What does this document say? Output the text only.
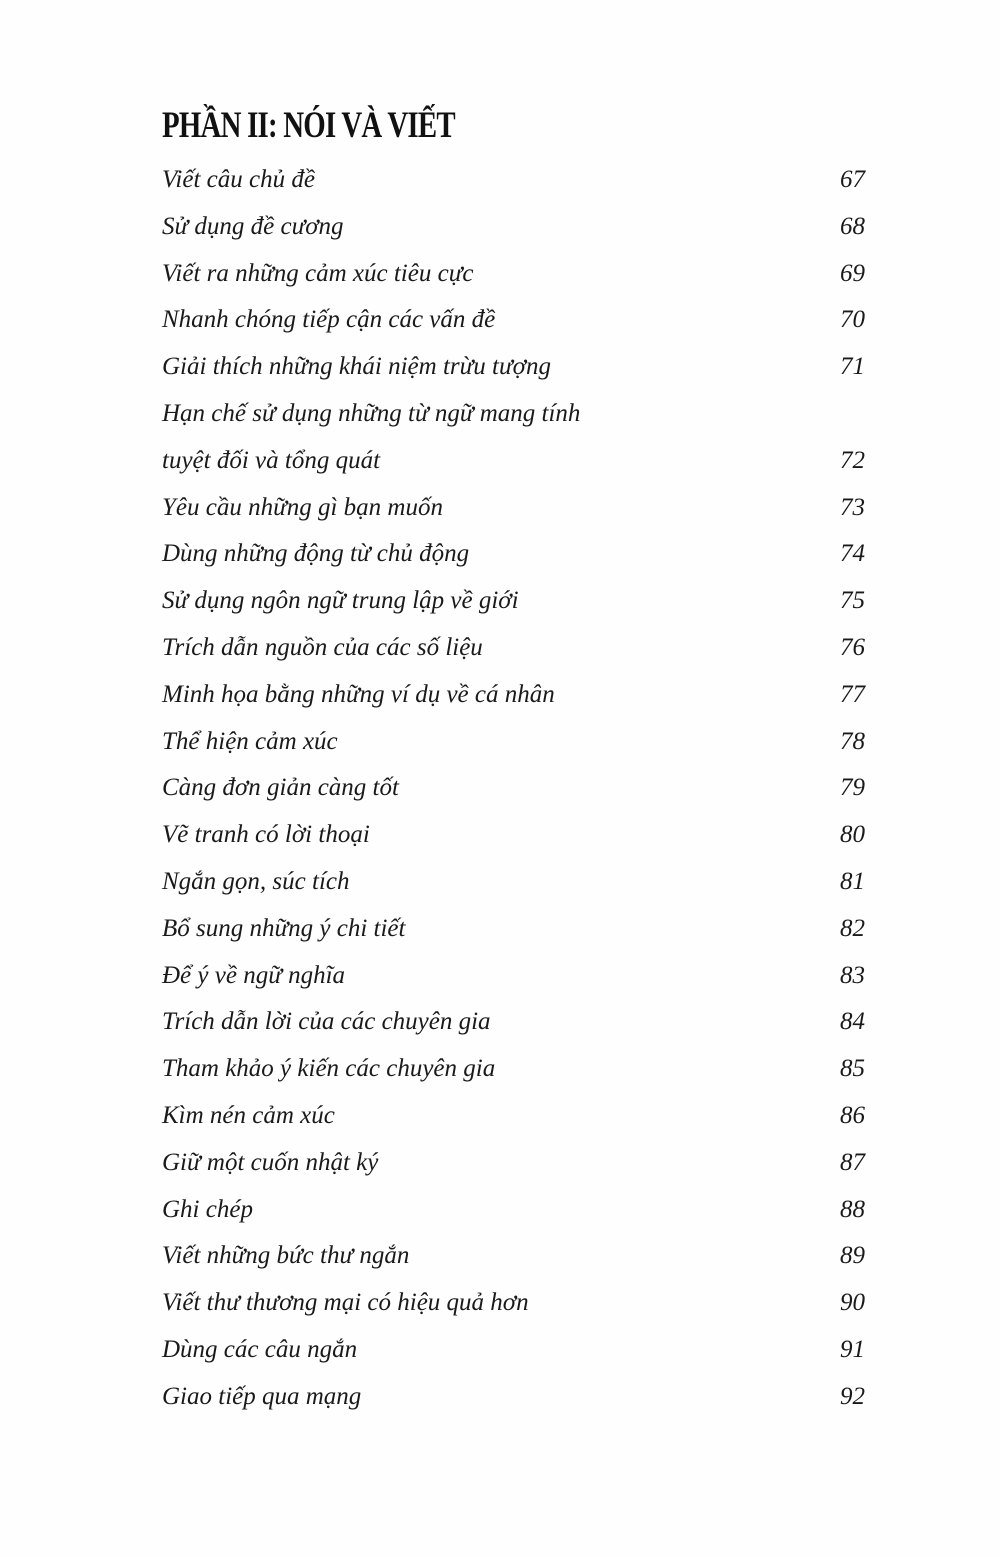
PHẦN II: NÓI VÀ VIẾT
Viết câu chủ đề	67
Sử dụng đề cương	68
Viết ra những cảm xúc tiêu cực	69
Nhanh chóng tiếp cận các vấn đề	70
Giải thích những khái niệm trừu tượng	71
Hạn chế sử dụng những từ ngữ mang tính
tuyệt đối và tổng quát	72
Yêu cầu những gì bạn muốn	73
Dùng những động từ chủ động	74
Sử dụng ngôn ngữ trung lập về giới	75
Trích dẫn nguồn của các số liệu	76
Minh họa bằng những ví dụ về cá nhân	77
Thể hiện cảm xúc	78
Càng đơn giản càng tốt	79
Vẽ tranh có lời thoại	80
Ngắn gọn, súc tích	81
Bổ sung những ý chi tiết	82
Để ý về ngữ nghĩa	83
Trích dẫn lời của các chuyên gia	84
Tham khảo ý kiến các chuyên gia	85
Kìm nén cảm xúc	86
Giữ một cuốn nhật ký	87
Ghi chép	88
Viết những bức thư ngắn	89
Viết thư thương mại có hiệu quả hơn	90
Dùng các câu ngắn	91
Giao tiếp qua mạng	92
